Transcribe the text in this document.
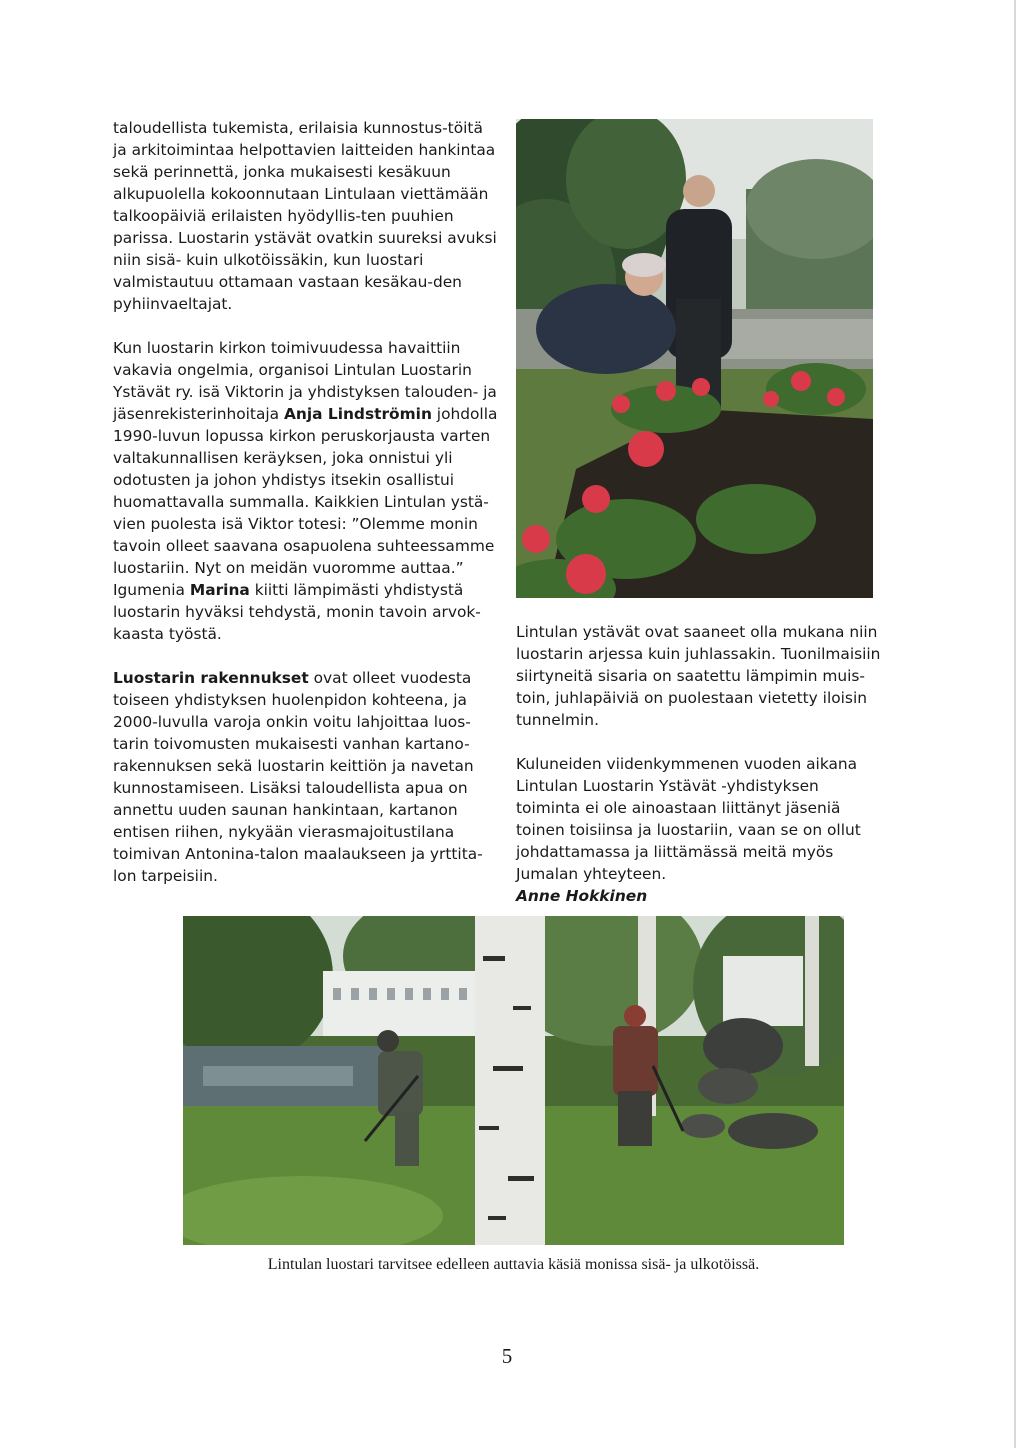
taloudellista tukemista, erilaisia kunnostus-töitä ja arkitoimintaa helpottavien laitteiden hankintaa sekä perinnettä, jonka mukaisesti kesäkuun alkupuolella kokoonnutaan Lintulaan viettämään talkoopäiviä erilaisten hyödyllis-ten puuhien parissa. Luostarin ystävät ovatkin suureksi avuksi niin sisä- kuin ulkotöissäkin, kun luostari valmistautuu ottamaan vastaan kesäkau-den pyhiinvaeltajat.

Kun luostarin kirkon toimivuudessa havaittiin vakavia ongelmia, organisoi Lintulan Luostarin Ystävät ry. isä Viktorin ja yhdistyksen talouden- ja jäsenrekisterinhoitaja Anja Lindströmin johdolla 1990-luvun lopussa kirkon peruskorjausta varten valtakunnallisen keräyksen, joka onnistui yli odotusten ja johon yhdistys itsekin osallistui huomattavalla summalla. Kaikkien Lintulan ystä-vien puolesta isä Viktor totesi: ”Olemme monin tavoin olleet saavana osapuolena suhteessamme luostariin. Nyt on meidän vuoromme auttaa.” Igumenia Marina kiitti lämpimästi yhdistystä luostarin hyväksi tehdystä, monin tavoin arvok-kaasta työstä.

Luostarin rakennukset ovat olleet vuodesta toiseen yhdistyksen huolenpidon kohteena, ja 2000-luvulla varoja onkin voitu lahjoittaa luos-tarin toivomusten mukaisesti vanhan kartano-rakennuksen sekä luostarin keittiön ja navetan kunnostamiseen. Lisäksi taloudellista apua on annettu uuden saunan hankintaan, kartanon entisen riihen, nykyään vierasmajoitustilana toimivan Antonina-talon maalaukseen ja yrttita-lon tarpeisiin.

Lintulan ystävät ovat saaneet olla mukana niin luostarin arjessa kuin juhlassakin. Tuonilmaisiin siirtyneitä sisaria on saatettu lämpimin muis-toin, juhlapäiviä on puolestaan vietetty iloisin tunnelmin.

Kuluneiden viidenkymmenen vuoden aikana Lintulan Luostarin Ystävät -yhdistyksen toiminta ei ole ainoastaan liittänyt jäseniä toinen toisiinsa ja luostariin, vaan se on ollut johdattamassa ja liittämässä meitä myös Jumalan yhteyteen.

Anne Hokkinen

Lintulan luostari tarvitsee edelleen auttavia käsiä monissa sisä- ja ulkotöissä.
5
